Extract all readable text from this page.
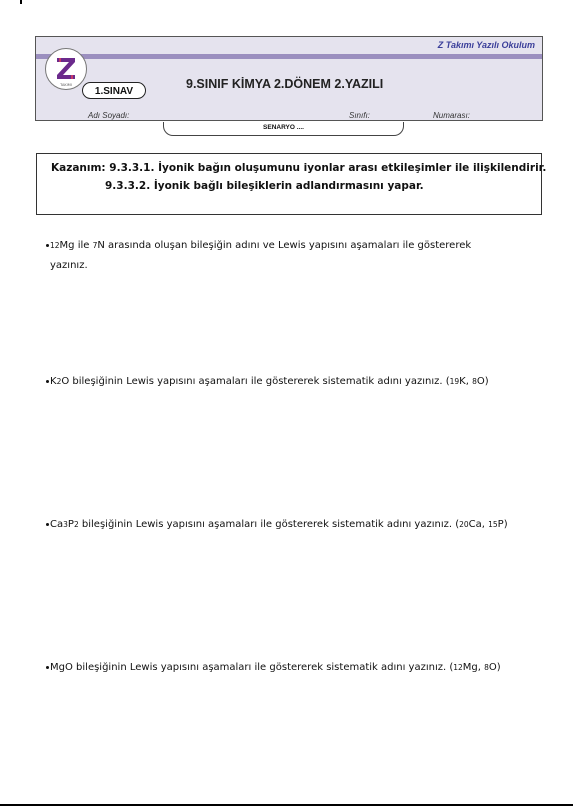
Z Takımı Yazılı Okulum
TAKIMI
1.SINAV
9.SINIF KİMYA 2.DÖNEM 2.YAZILI
Adı Soyadı:	Sınıfı:	Numarası:
SENARYO ....
Kazanım: 9.3.3.1. İyonik bağın oluşumunu iyonlar arası etkileşimler ile ilişkilendirir.
9.3.3.2. İyonik bağlı bileşiklerin adlandırmasını yapar.
12Mg ile 7N arasında oluşan bileşiğin adını ve Lewis yapısını aşamaları ile göstererek
yazınız.
K2O bileşiğinin Lewis yapısını aşamaları ile göstererek sistematik adını yazınız. (19K, 8O)
Ca3P2 bileşiğinin Lewis yapısını aşamaları ile göstererek sistematik adını yazınız. (20Ca, 15P)
MgO bileşiğinin Lewis yapısını aşamaları ile göstererek sistematik adını yazınız. (12Mg, 8O)
